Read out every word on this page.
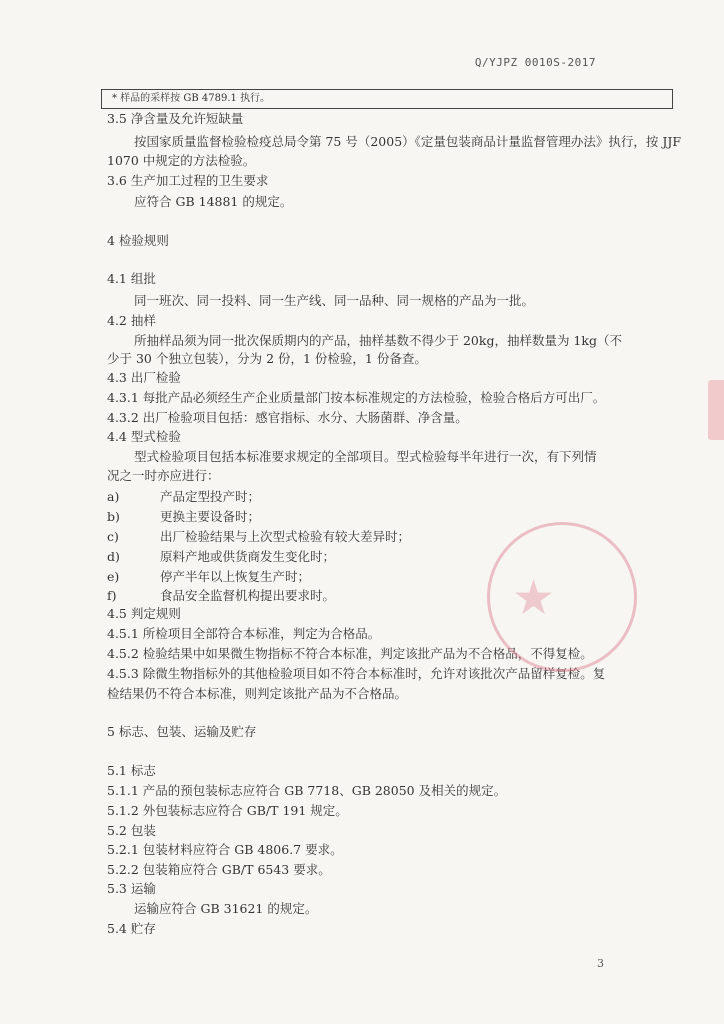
Q/YJPZ 0010S-2017
* 样品的采样按 GB 4789.1 执行。
3.5 净含量及允许短缺量
按国家质量监督检验检疫总局令第 75 号（2005）《定量包装商品计量监督管理办法》执行，按 JJF
1070 中规定的方法检验。
3.6 生产加工过程的卫生要求
应符合 GB 14881 的规定。
4 检验规则
4.1 组批
同一班次、同一投料、同一生产线、同一品种、同一规格的产品为一批。
4.2 抽样
所抽样品须为同一批次保质期内的产品，抽样基数不得少于 20kg，抽样数量为 1kg（不
少于 30 个独立包装），分为 2 份，1 份检验，1 份备查。
4.3 出厂检验
4.3.1 每批产品必须经生产企业质量部门按本标准规定的方法检验，检验合格后方可出厂。
4.3.2 出厂检验项目包括：感官指标、水分、大肠菌群、净含量。
4.4 型式检验
型式检验项目包括本标准要求规定的全部项目。型式检验每半年进行一次，有下列情
况之一时亦应进行：
a)	产品定型投产时；
b)	更换主要设备时；
c)	出厂检验结果与上次型式检验有较大差异时；
d)	原料产地或供货商发生变化时；
e)	停产半年以上恢复生产时；
f)	食品安全监督机构提出要求时。
4.5 判定规则
4.5.1 所检项目全部符合本标准，判定为合格品。
4.5.2 检验结果中如果微生物指标不符合本标准，判定该批产品为不合格品，不得复检。
4.5.3 除微生物指标外的其他检验项目如不符合本标准时，允许对该批次产品留样复检。复
检结果仍不符合本标准，则判定该批产品为不合格品。
5 标志、包装、运输及贮存
5.1 标志
5.1.1 产品的预包装标志应符合 GB 7718、GB 28050 及相关的规定。
5.1.2 外包装标志应符合 GB/T 191 规定。
5.2 包装
5.2.1 包装材料应符合 GB 4806.7 要求。
5.2.2 包装箱应符合 GB/T 6543 要求。
5.3 运输
运输应符合 GB 31621 的规定。
5.4 贮存
★
3
